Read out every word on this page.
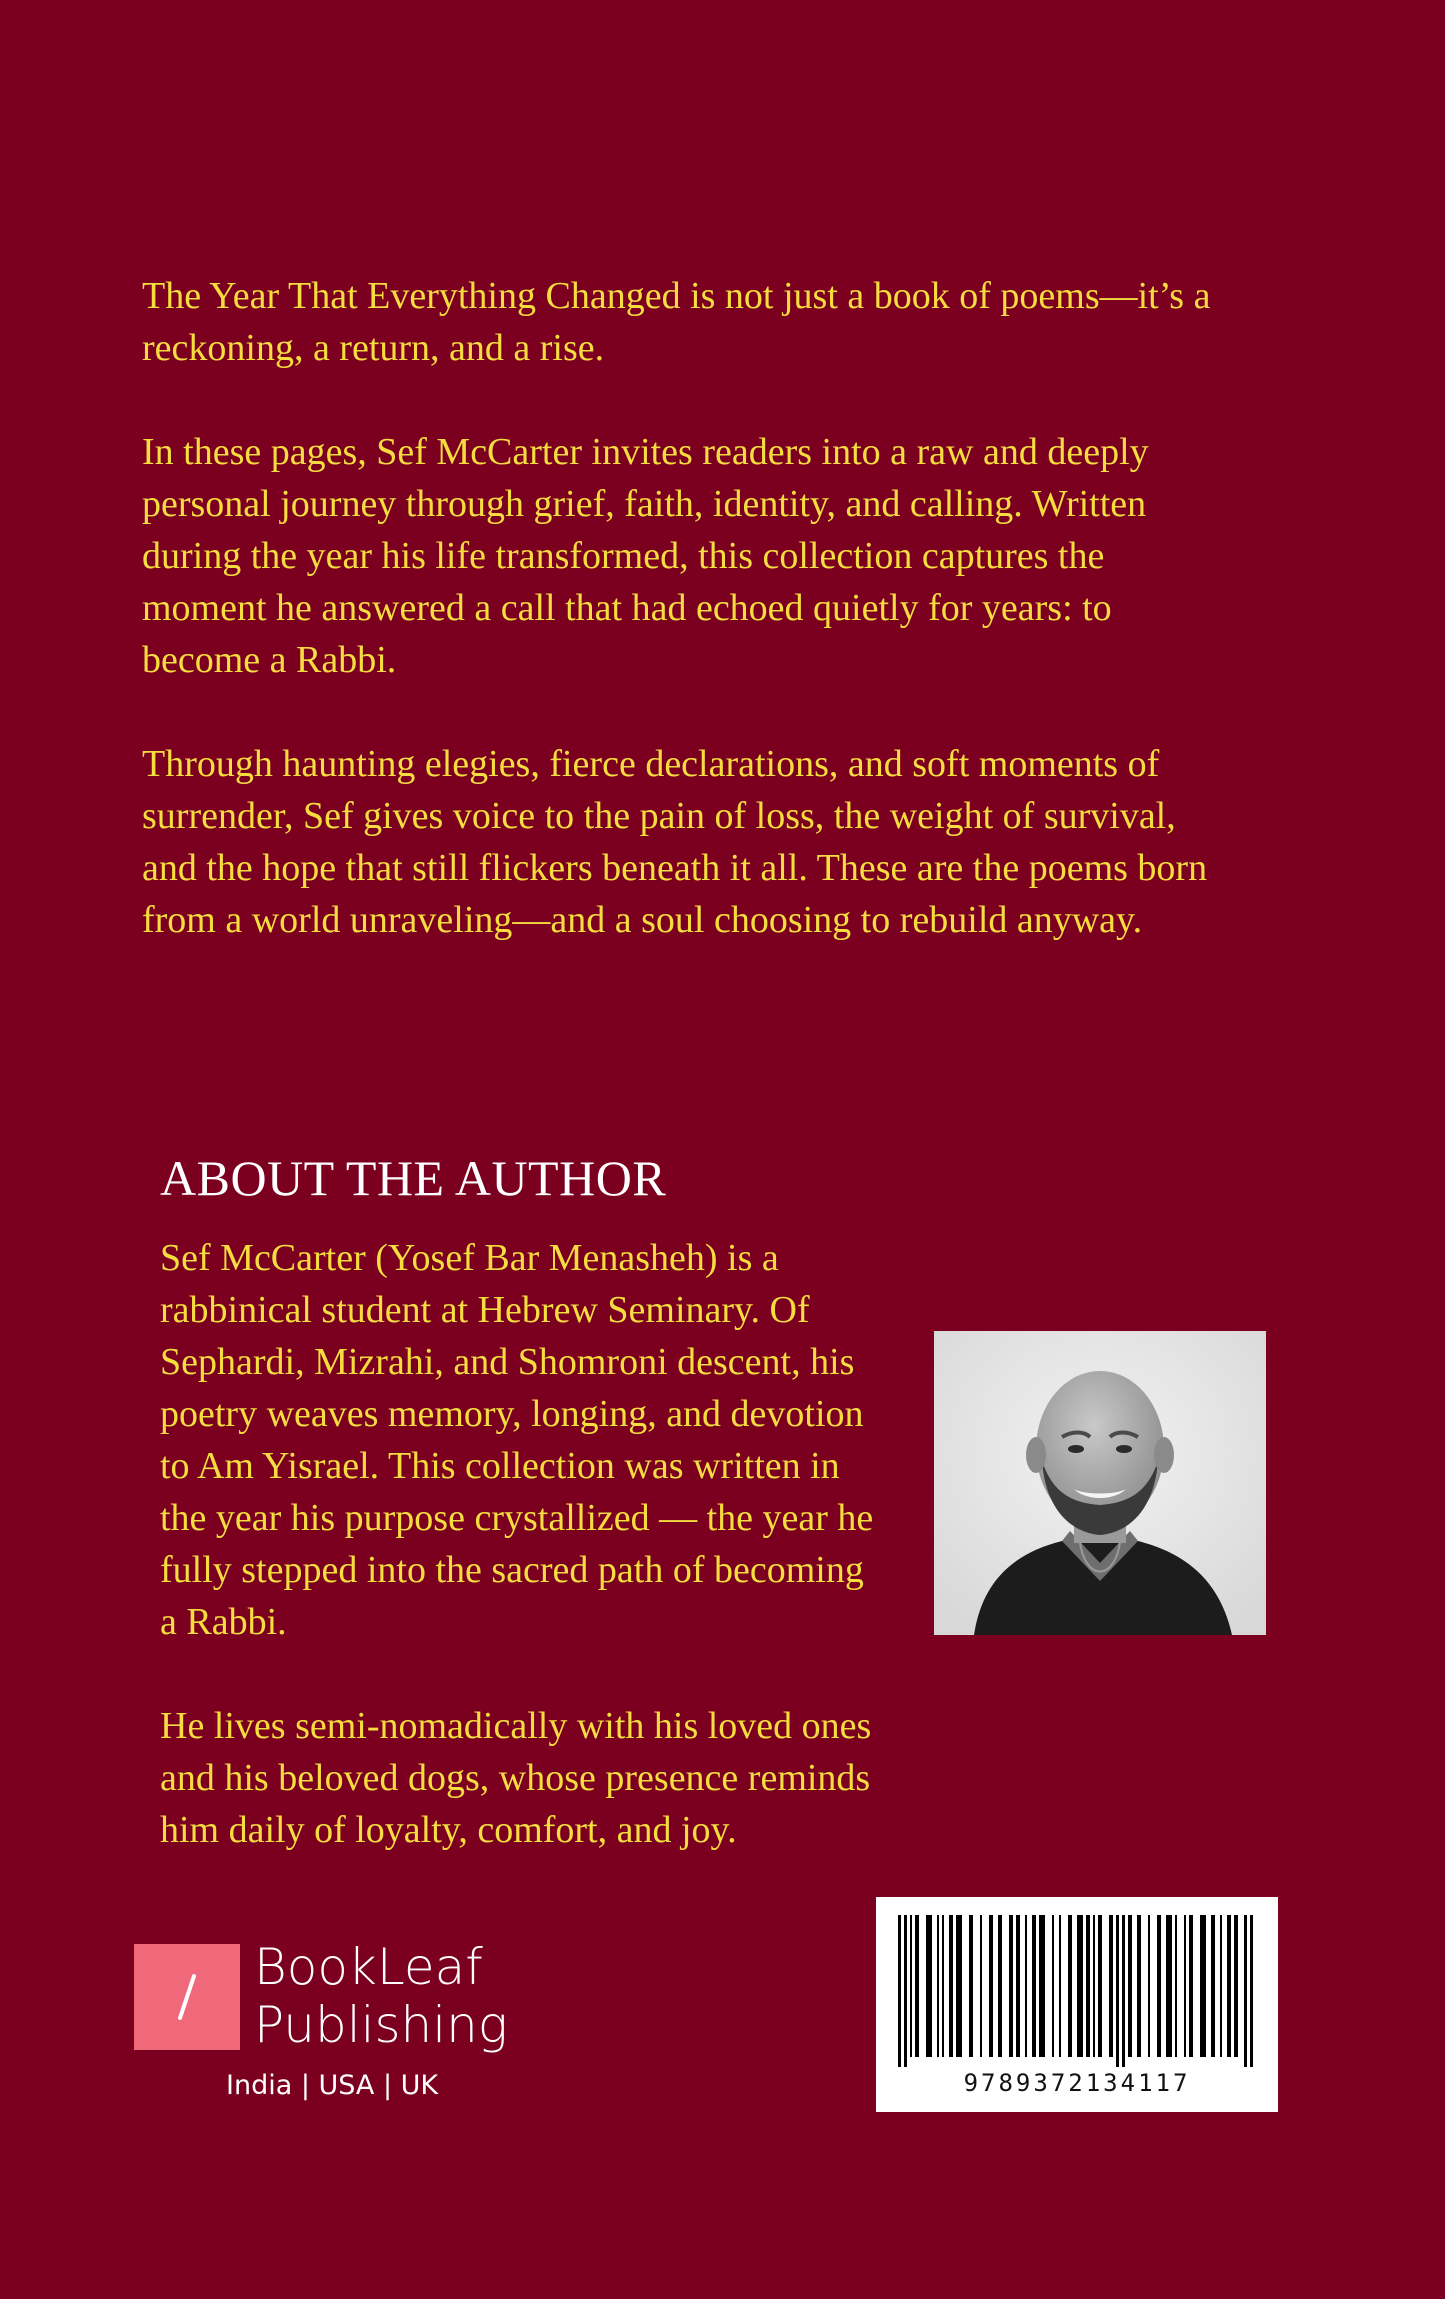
The Year That Everything Changed is not just a book of poems—it’s a reckoning, a return, and a rise.

In these pages, Sef McCarter invites readers into a raw and deeply personal journey through grief, faith, identity, and calling. Written during the year his life transformed, this collection captures the moment he answered a call that had echoed quietly for years: to become a Rabbi.

Through haunting elegies, fierce declarations, and soft moments of surrender, Sef gives voice to the pain of loss, the weight of survival, and the hope that still flickers beneath it all. These are the poems born from a world unraveling—and a soul choosing to rebuild anyway.

ABOUT THE AUTHOR

Sef McCarter (Yosef Bar Menasheh) is a rabbinical student at Hebrew Seminary. Of Sephardi, Mizrahi, and Shomroni descent, his poetry weaves memory, longing, and devotion to Am Yisrael. This collection was written in the year his purpose crystallized — the year he fully stepped into the sacred path of becoming a Rabbi.

He lives semi-nomadically with his loved ones and his beloved dogs, whose presence reminds him daily of loyalty, comfort, and joy.

BookLeaf
Publishing
India | USA | UK	9789372134117
